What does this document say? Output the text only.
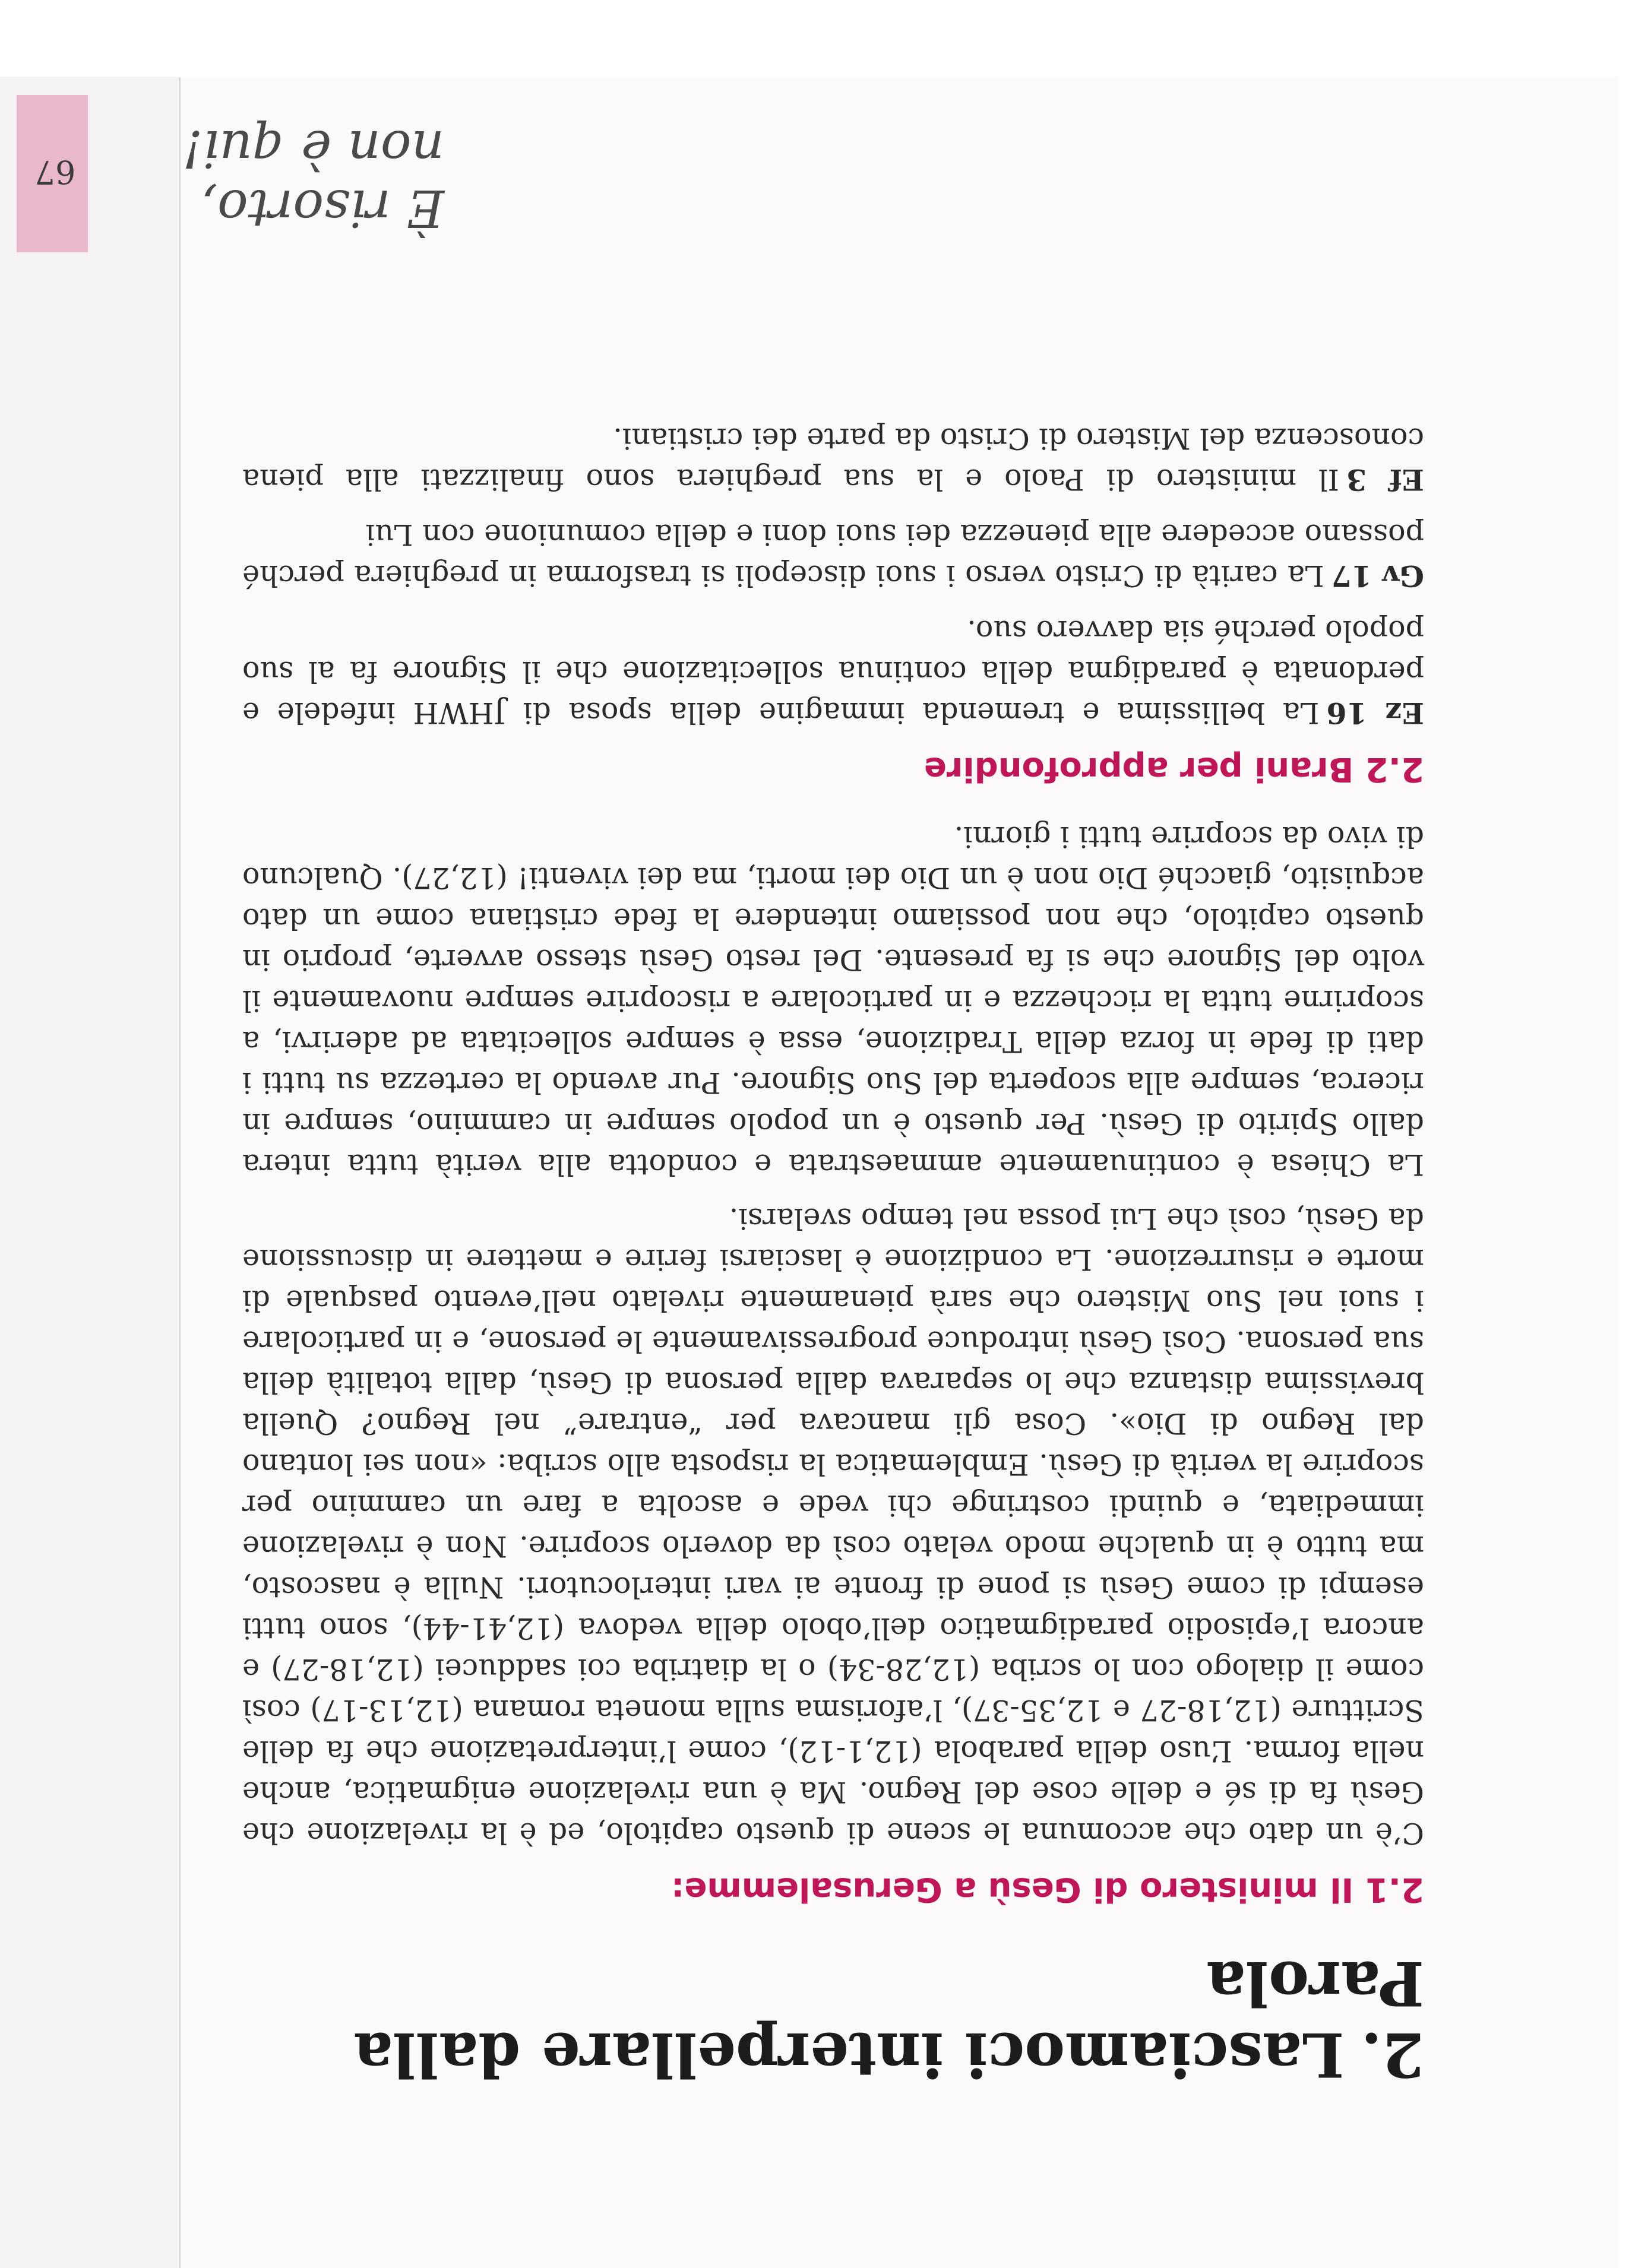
È risorto, non è qui!
67
2.Lasciamoci interpellare dalla Parola
2.1 Il ministero di Gesù a Gerusalemme:

C’è un dato che accomuna le scene di questo capitolo, ed è la rivelazione che Gesù fa di sé e delle cose del Regno. Ma è una rivelazione enigmatica, anche nella forma. L’uso della parabola (12,1-12), come l’interpretazione che fa delle Scritture (12,18-27 e 12,35-37), l’aforisma sulla moneta romana (12,13-17) così come il dialogo con lo scriba (12,28-34) o la diatriba coi sadducei (12,18-27) e ancora l’episodio paradigmatico dell’obolo della vedova (12,41-44), sono tutti esempi di come Gesù si pone di fronte ai vari interlocutori. Nulla è nascosto, ma tutto è in qualche modo velato così da doverlo scoprire. Non è rivelazione immediata, e quindi costringe chi vede e ascolta a fare un cammino per scoprire la verità di Gesù. Emblematica la risposta allo scriba: «non sei lontano dal Regno di Dio». Cosa gli mancava per “entrare” nel Regno? Quella brevissima distanza che lo separava dalla persona di Gesù, dalla totalità della sua persona. Così Gesù introduce progressivamente le persone, e in particolare i suoi nel Suo Mistero che sarà pienamente rivelato nell’evento pasquale di morte e risurrezione. La condizione è lasciarsi ferire e mettere in discussione da Gesù, così che Lui possa nel tempo svelarsi.

La Chiesa è continuamente ammaestrata e condotta alla verità tutta intera dallo Spirito di Gesù. Per questo è un popolo sempre in cammino, sempre in ricerca, sempre alla scoperta del Suo Signore. Pur avendo la certezza su tutti i dati di fede in forza della Tradizione, essa è sempre sollecitata ad aderirvi, a scoprirne tutta la ricchezza e in particolare a riscoprire sempre nuovamente il volto del Signore che si fa presente. Del resto Gesù stesso avverte, proprio in questo capitolo, che non possiamo intendere la fede cristiana come un dato acquisito, giacché Dio non è un Dio dei morti, ma dei viventi! (12,27). Qualcuno di vivo da scoprire tutti i giorni.

2.2 Brani per approfondire

Ez 16La bellissima e tremenda immagine della sposa di JHWH infedele e perdonata è paradigma della continua sollecitazione che il Signore fa al suo popolo perché sia davvero suo.

Gv 17La carità di Cristo verso i suoi discepoli si trasforma in preghiera perché possano accedere alla pienezza dei suoi doni e della comunione con Lui

Ef 3Il ministero di Paolo e la sua preghiera sono finalizzati alla piena conoscenza del Mistero di Cristo da parte dei cristiani.
